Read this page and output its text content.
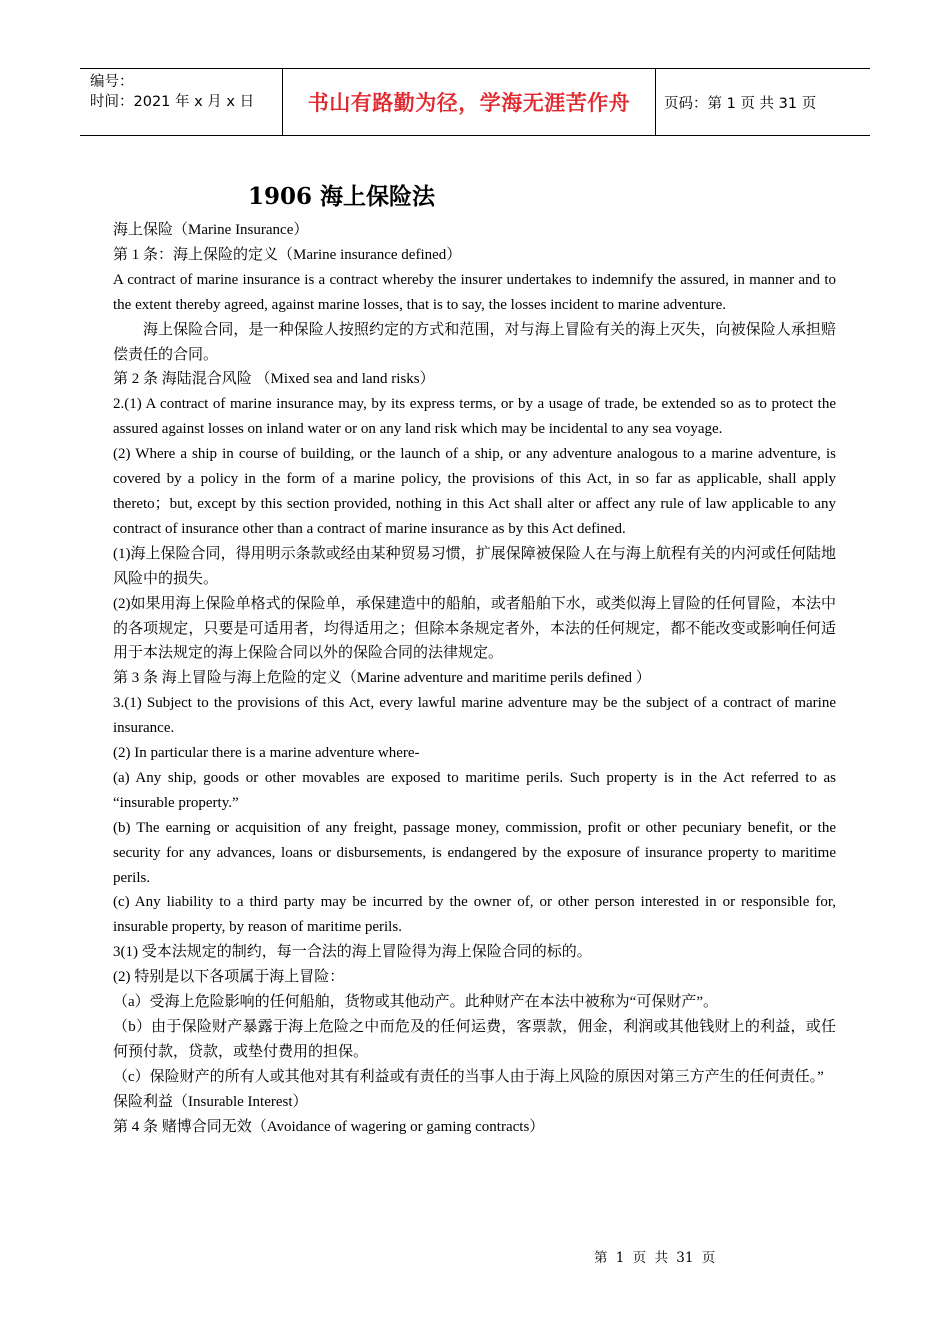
编号：
时间：2021 年 x 月 x 日	书山有路勤为径，学海无涯苦作舟 页码：第 1 页 共 31 页
1906 海上保险法

海上保险（Marine Insurance）

第 1 条：海上保险的定义（Marine insurance defined）

A contract of marine insurance is a contract whereby the insurer undertakes to indemnify the assured, in manner and to the extent thereby agreed, against marine losses, that is to say, the losses incident to marine adventure.

海上保险合同，是一种保险人按照约定的方式和范围，对与海上冒险有关的海上灭失，向被保险人承担赔偿责任的合同。

第 2 条 海陆混合风险 （Mixed sea and land risks）

2.(1) A contract of marine insurance may, by its express terms, or by a usage of trade, be extended so as to protect the assured against losses on inland water or on any land risk which may be incidental to any sea voyage.

(2) Where a ship in course of building, or the launch of a ship, or any adventure analogous to a marine adventure, is covered by a policy in the form of a marine policy, the provisions of this Act, in so far as applicable, shall apply thereto；but, except by this section provided, nothing in this Act shall alter or affect any rule of law applicable to any contract of insurance other than a contract of marine insurance as by this Act defined.

(1)海上保险合同，得用明示条款或经由某种贸易习惯，扩展保障被保险人在与海上航程有关的内河或任何陆地风险中的损失。

(2)如果用海上保险单格式的保险单，承保建造中的船舶，或者船舶下水，或类似海上冒险的任何冒险，本法中的各项规定，只要是可适用者，均得适用之；但除本条规定者外，本法的任何规定，都不能改变或影响任何适用于本法规定的海上保险合同以外的保险合同的法律规定。

第 3 条 海上冒险与海上危险的定义（Marine adventure and maritime perils defined ）

3.(1) Subject to the provisions of this Act, every lawful marine adventure may be the subject of a contract of marine insurance.

(2) In particular there is a marine adventure where-

(a) Any ship, goods or other movables are exposed to maritime perils. Such property is in the Act referred to as “insurable property.”

(b) The earning or acquisition of any freight, passage money, commission, profit or other pecuniary benefit, or the security for any advances, loans or disbursements, is endangered by the exposure of insurance property to maritime perils.

(c) Any liability to a third party may be incurred by the owner of, or other person interested in or responsible for, insurable property, by reason of maritime perils.

3(1) 受本法规定的制约，每一合法的海上冒险得为海上保险合同的标的。

(2) 特别是以下各项属于海上冒险：

（a）受海上危险影响的任何船舶，货物或其他动产。此种财产在本法中被称为“可保财产”。

（b）由于保险财产暴露于海上危险之中而危及的任何运费，客票款，佣金，利润或其他钱财上的利益，或任何预付款，贷款，或垫付费用的担保。

（c）保险财产的所有人或其他对其有利益或有责任的当事人由于海上风险的原因对第三方产生的任何责任。”

保险利益（Insurable Interest）

第 4 条 赌博合同无效（Avoidance of wagering or gaming contracts）

第 1 页 共 31 页
